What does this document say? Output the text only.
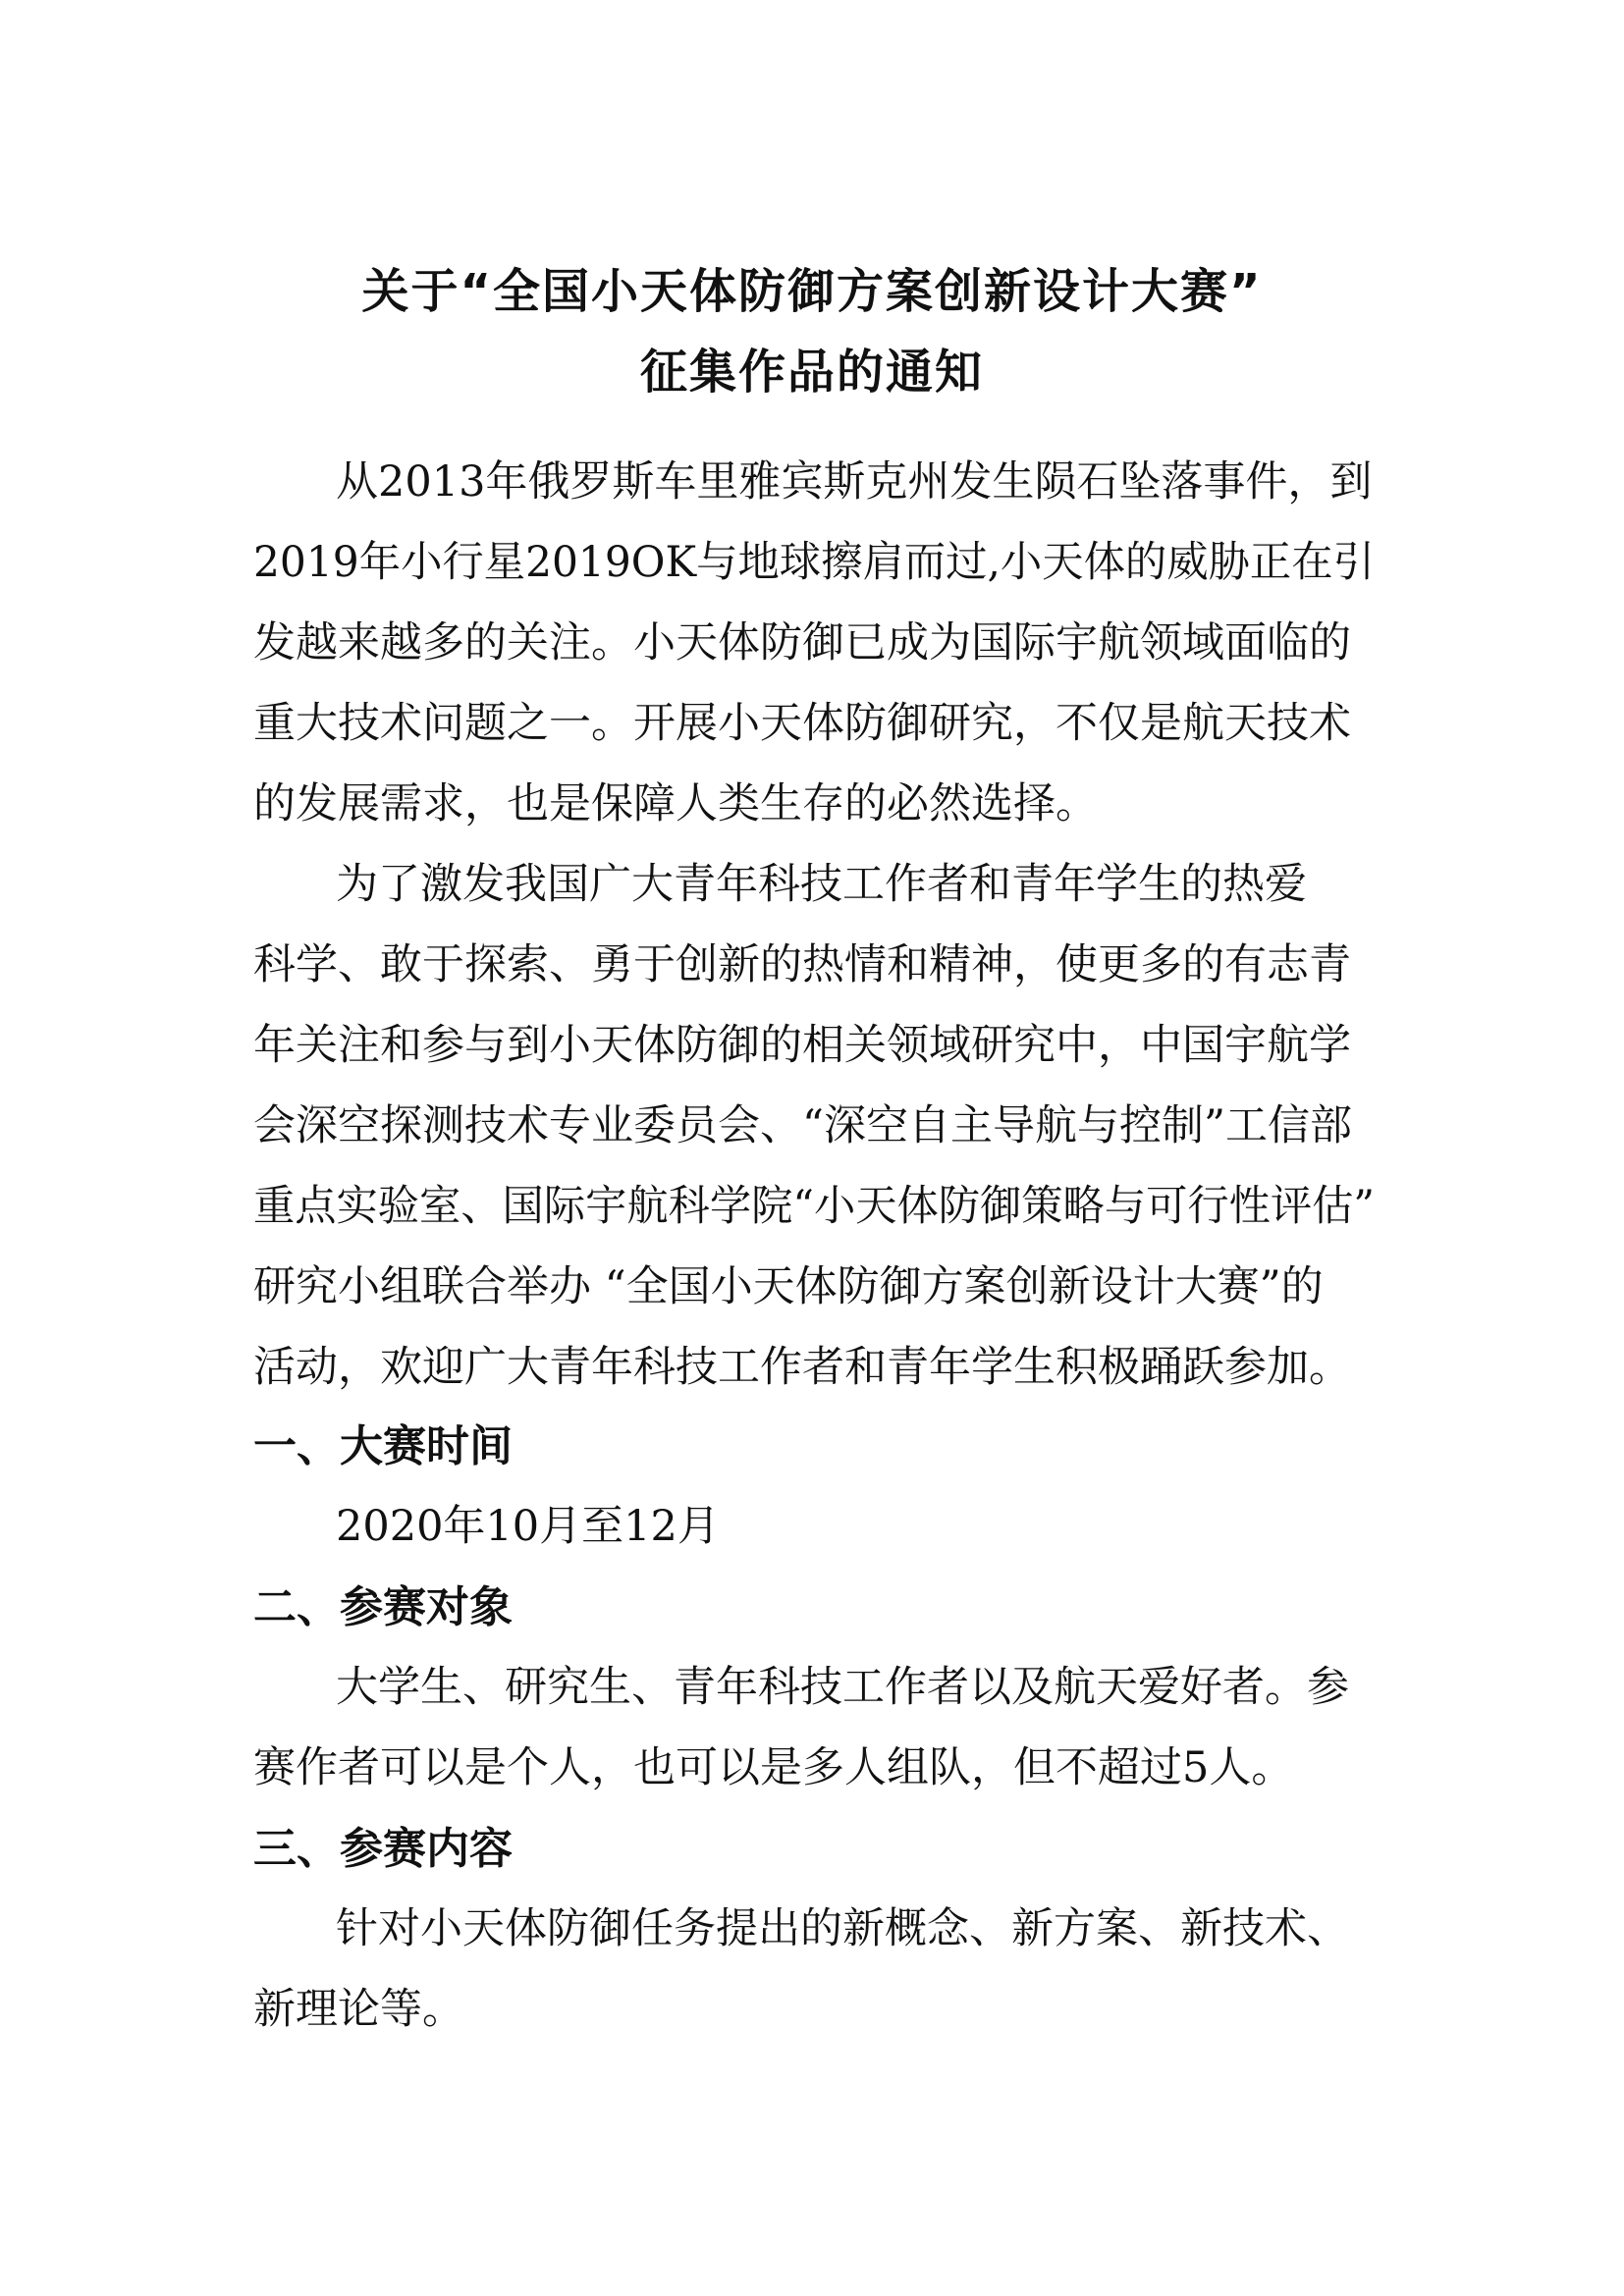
关于“全国小天体防御方案创新设计大赛”
征集作品的通知
从2013年俄罗斯车里雅宾斯克州发生陨石坠落事件，到
2019年小行星2019OK与地球擦肩而过,小天体的威胁正在引
发越来越多的关注。小天体防御已成为国际宇航领域面临的
重大技术问题之一。开展小天体防御研究，不仅是航天技术
的发展需求，也是保障人类生存的必然选择。
为了激发我国广大青年科技工作者和青年学生的热爱
科学、敢于探索、勇于创新的热情和精神，使更多的有志青
年关注和参与到小天体防御的相关领域研究中，中国宇航学
会深空探测技术专业委员会、“深空自主导航与控制”工信部
重点实验室、国际宇航科学院“小天体防御策略与可行性评估”
研究小组联合举办 “全国小天体防御方案创新设计大赛”的
活动，欢迎广大青年科技工作者和青年学生积极踊跃参加。
一、大赛时间
2020年10月至12月
二、参赛对象
大学生、研究生、青年科技工作者以及航天爱好者。参
赛作者可以是个人，也可以是多人组队，但不超过5人。
三、参赛内容
针对小天体防御任务提出的新概念、新方案、新技术、
新理论等。
